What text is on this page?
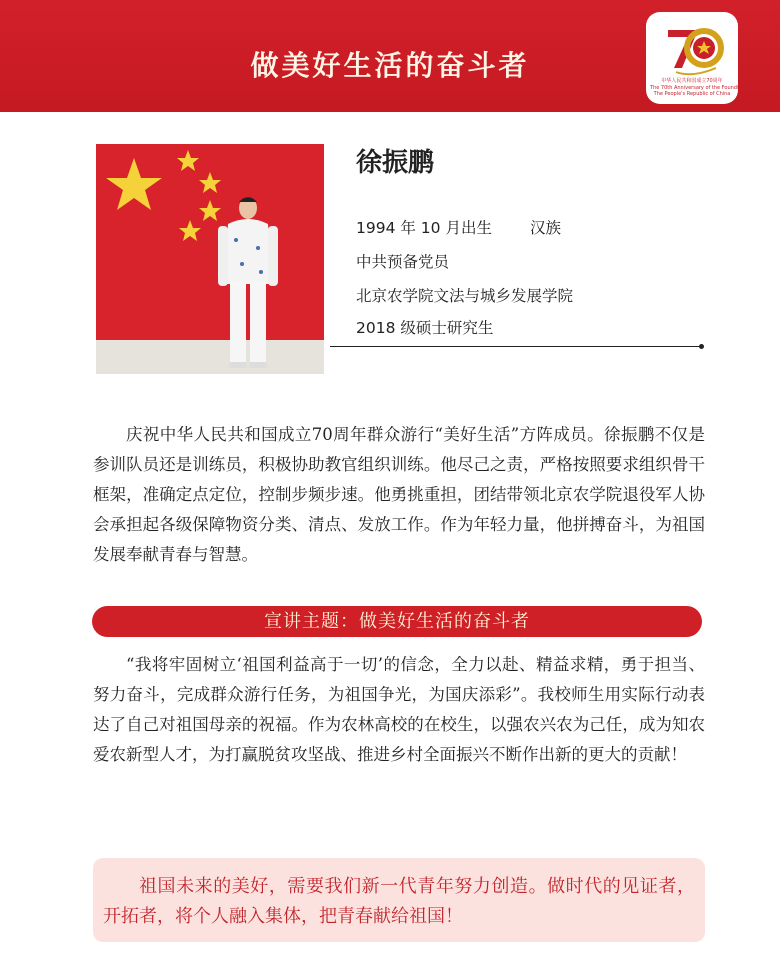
做美好生活的奋斗者	中华人民共和国成立70周年
The 70th Anniversary of the Founding of
The People's Republic of China
徐振鹏
1994 年 10 月出生 汉族
中共预备党员
北京农学院文法与城乡发展学院
2018 级硕士研究生
庆祝中华人民共和国成立70周年群众游行“美好生活”方阵成员。徐振鹏不仅是参训队员还是训练员，积极协助教官组织训练。他尽己之责，严格按照要求组织骨干框架，准确定点定位，控制步频步速。他勇挑重担，团结带领北京农学院退役军人协会承担起各级保障物资分类、清点、发放工作。作为年轻力量，他拼搏奋斗，为祖国发展奉献青春与智慧。
宣讲主题：做美好生活的奋斗者
“我将牢固树立‘祖国利益高于一切’的信念，全力以赴、精益求精，勇于担当、努力奋斗，完成群众游行任务，为祖国争光，为国庆添彩”。我校师生用实际行动表达了自己对祖国母亲的祝福。作为农林高校的在校生，以强农兴农为己任，成为知农爱农新型人才，为打赢脱贫攻坚战、推进乡村全面振兴不断作出新的更大的贡献！
祖国未来的美好，需要我们新一代青年努力创造。做时代的见证者，开拓者，将个人融入集体，把青春献给祖国！
